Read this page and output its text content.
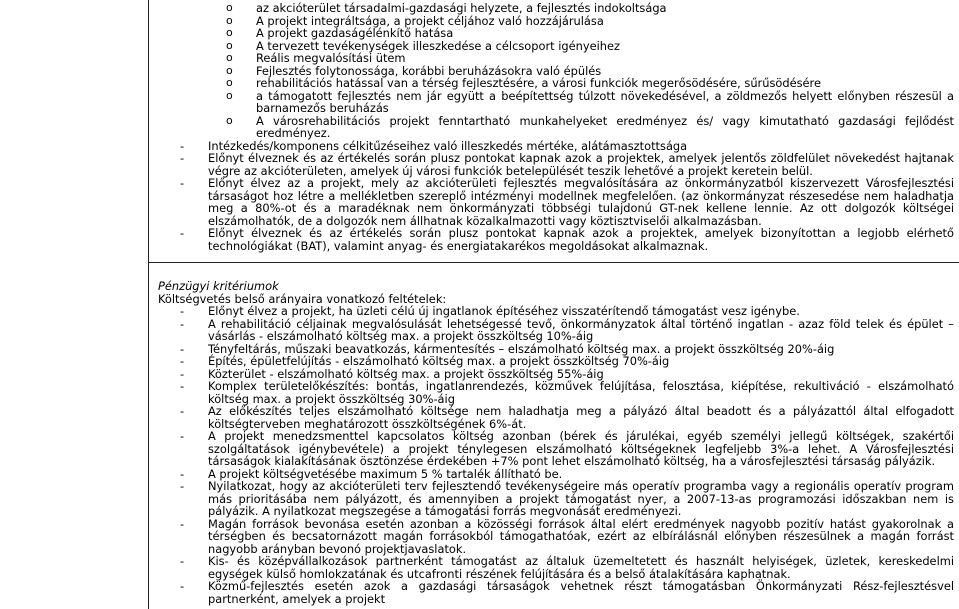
o az akcióterület társadalmi-gazdasági helyzete, a fejlesztés indokoltsága
o A projekt integráltsága, a projekt céljához való hozzájárulása
o A projekt gazdaságélénkítő hatása
o A tervezett tevékenységek illeszkedése a célcsoport igényeihez
o Reális megvalósítási ütem
o Fejlesztés folytonossága, korábbi beruházásokra való épülés
o rehabilitációs hatással van a térség fejlesztésére, a városi funkciók megerősödésére, sűrűsödésére
o a támogatott fejlesztés nem jár együtt a beépítettség túlzott növekedésével, a zöldmezős helyett előnyben részesül a barnamezős beruházás
o A városrehabilitációs projekt fenntartható munkahelyeket eredményez és/ vagy kimutatható gazdasági fejlődést eredményez.
- Intézkedés/komponens célkitűzéseihez való illeszkedés mértéke, alátámasztottsága
- Előnyt élveznek és az értékelés során plusz pontokat kapnak azok a projektek, amelyek jelentős zöldfelület növekedést hajtanak végre az akcióterületen, amelyek új városi funkciók betelepülését teszik lehetővé a projekt keretein belül.
- Előnyt élvez az a projekt, mely az akcióterületi fejlesztés megvalósítására az önkormányzatból kiszervezett Városfejlesztési társaságot hoz létre a mellékletben szereplő intézményi modellnek megfelelően. (az önkormányzat részesedése nem haladhatja meg a 80%-ot és a maradéknak nem önkormányzati többségi tulajdonú GT-nek kellene lennie. Az ott dolgozók költségei elszámolhatók, de a dolgozók nem állhatnak közalkalmazotti vagy köztisztviselői alkalmazásban.
- Előnyt élveznek és az értékelés során plusz pontokat kapnak azok a projektek, amelyek bizonyítottan a legjobb elérhető technológiákat (BAT), valamint anyag- és energiatakarékos megoldásokat alkalmaznak.

Pénzügyi kritériumok

Költségvetés belső arányaira vonatkozó feltételek:

- Előnyt élvez a projekt, ha üzleti célú új ingatlanok építéséhez visszatérítendő támogatást vesz igénybe.
- A rehabilitáció céljainak megvalósulását lehetségessé tevő, önkormányzatok által történő ingatlan - azaz föld telek és épület –vásárlás - elszámolható költség max. a projekt összköltség 10%-áig
- Tényfeltárás, műszaki beavatkozás, kármentesítés – elszámolható költség max. a projekt összköltség 20%-áig
- Építés, épületfelújítás - elszámolható költség max. a projekt összköltség 70%-áig
- Közterület - elszámolható költség max. a projekt összköltség 55%-áig
- Komplex területelőkészítés: bontás, ingatlanrendezés, közművek felújítása, felosztása, kiépítése, rekultiváció - elszámolható költség max. a projekt összköltség 30%-áig
- Az előkészítés teljes elszámolható költsége nem haladhatja meg a pályázó által beadott és a pályázattól által elfogadott költségterveben meghatározott összköltségének 6%-át.
- A projekt menedzsmenttel kapcsolatos költség azonban (bérek és járulékai, egyéb személyi jellegű költségek, szakértői szolgáltatások igénybevétele) a projekt ténylegesen elszámolható költségeknek legfeljebb 3%-a lehet. A Városfejlesztési társaságok kialakításának ösztönzése érdekében +7% pont lehet elszámolható költség, ha a városfejlesztési társaság pályázik.
- A projekt költségvetésébe maximum 5 % tartalék állítható be.
- Nyilatkozat, hogy az akcióterületi terv fejlesztendő tevékenységeire más operatív programba vagy a regionális operatív program más prioritásába nem pályázott, és amennyiben a projekt támogatást nyer, a 2007-13-as programozási időszakban nem is pályázik. A nyilatkozat megszegése a támogatási forrás megvonását eredményezi.
- Magán források bevonása esetén azonban a közösségi források által elért eredmények nagyobb pozitív hatást gyakorolnak a térségben és becsatornázott magán forrásokból támogathatóak, ezért az elbírálásnál előnyben részesülnek a magán forrást nagyobb arányban bevonó projektjavaslatok.
- Kis- és középvállalkozások partnerként támogatást az általuk üzemeltetett és használt helyiségek, üzletek, kereskedelmi egységek külső homlokzatának és utcafronti részének felújítására és a belső átalakítására kaphatnak.
- Közmű-fejlesztés esetén azok a gazdasági társaságok vehetnek részt támogatásban Önkormányzati Rész-fejlesztésvel partnerként, amelyek a projekt
